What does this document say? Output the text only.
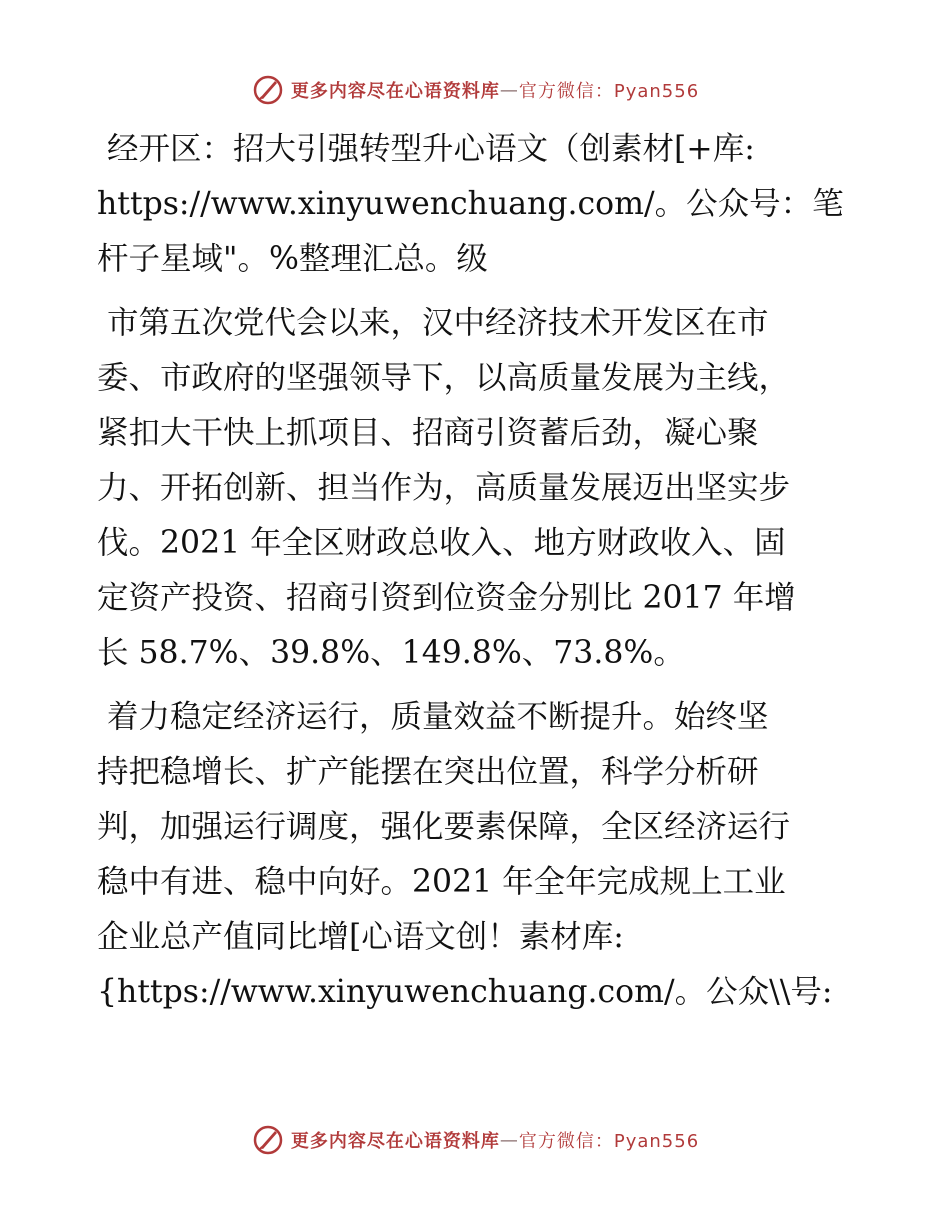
更多内容尽在心语资料库 — 官方微信：Pyan556
经开区：招大引强转型升心语文（创素材[+库:
https://www.xinyuwenchuang.com/。公众号：笔
杆子星域"。%整理汇总。级
市第五次党代会以来，汉中经济技术开发区在市
委、市政府的坚强领导下，以高质量发展为主线，
紧扣大干快上抓项目、招商引资蓄后劲，凝心聚
力、开拓创新、担当作为，高质量发展迈出坚实步
伐。2021 年全区财政总收入、地方财政收入、固
定资产投资、招商引资到位资金分别比 2017 年增
长 58.7%、39.8%、149.8%、73.8%。
着力稳定经济运行，质量效益不断提升。始终坚
持把稳增长、扩产能摆在突出位置，科学分析研
判，加强运行调度，强化要素保障，全区经济运行
稳中有进、稳中向好。2021 年全年完成规上工业
企业总产值同比增[心语文创！素材库:
{https://www.xinyuwenchuang.com/。公众\\号:
更多内容尽在心语资料库 — 官方微信：Pyan556
